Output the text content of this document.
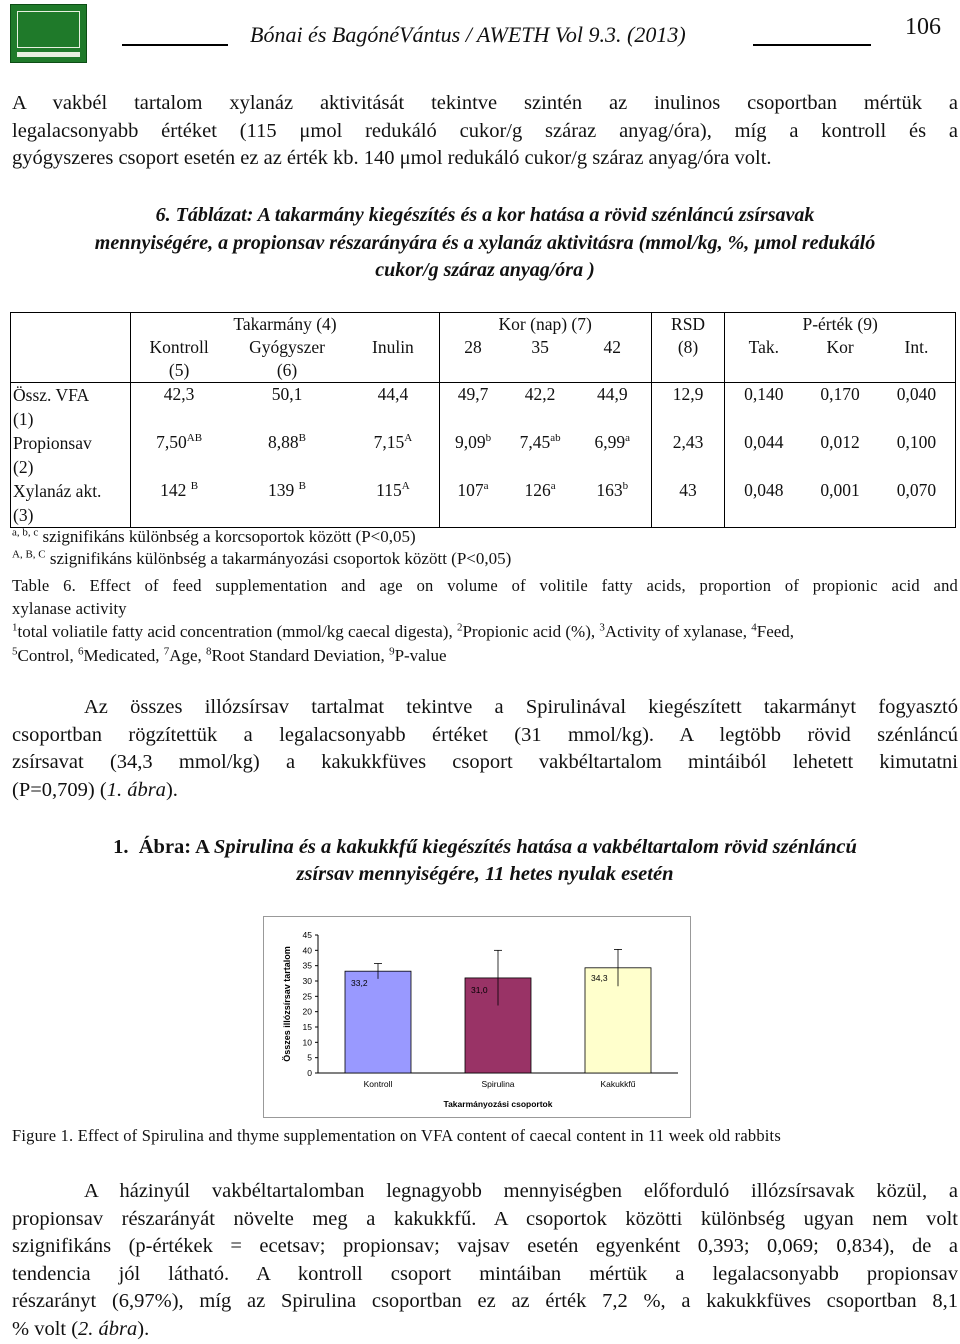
Bónai és BagónéVántus / AWETH Vol 9.3. (2013)	106
A vakbél tartalom xylanáz aktivitását tekintve szintén az inulinos csoportban mértük a
legalacsonyabb értéket (115 μmol redukáló cukor/g száraz anyag/óra), míg a kontroll és a
gyógyszeres csoport esetén ez az érték kb. 140 μmol redukáló cukor/g száraz anyag/óra volt.
6. Táblázat: A takarmány kiegészítés és a kor hatása a rövid szénláncú zsírsavak
mennyiségére, a propionsav részarányára és a xylanáz aktivitásra (mmol/kg, %, µmol redukáló
cukor/g száraz anyag/óra )
	Takarmány (4)			Kor (nap) (7)			RSD	P-érték (9)		
	Kontroll
(5)	Gyógyszer
(6)	Inulin	28	35	42	(8)	Tak.	Kor	Int.
Össz. VFA
(1)	42,3	50,1	44,4	49,7	42,2	44,9	12,9	0,140	0,170	0,040
Propionsav
(2)	$7,50^{AB}$	$8,88^B$	$7,15^A$	9,09$^b$	7,45$^{ab}$	6,99$^a$	2,43	0,044	0,012	0,100
Xylanáz akt.
(3)	142 $^B$	139 $^B$	$115^A$	107$^a$	126$^a$	163$^b$	43	0,048	0,001	0,070
$^{a, b, c}$ szignifikáns különbség a korcsoportok között (P<0,05)
$^{A, B, C}$ szignifikáns különbség a takarmányozási csoportok között (P<0,05)
Table 6. Effect of feed supplementation and age on volume of volitile fatty acids, proportion of propionic acid and
xylanase activity
$^1$total voliatile fatty acid concentration (mmol/kg caecal digesta), $^2$Propionic acid (%), $^3$Activity of xylanase, $^4$Feed,
$^5$Control, $^6$Medicated, $^7$Age, $^8$Root Standard Deviation, $^9$P-value
Az összes illózsírsav tartalmat tekintve a Spirulinával kiegészített takarmányt fogyasztó
csoportban rögzítettük a legalacsonyabb értéket (31 mmol/kg). A legtöbb rövid szénláncú
zsírsavat (34,3 mmol/kg) a kakukkfüves csoport vakbéltartalom mintáiból lehetett kimutatni
(P=0,709) (1. ábra).
1. Ábra: A Spirulina és a kakukkfű kiegészítés hatása a vakbéltartalom rövid szénláncú
zsírsav mennyiségére, 11 hetes nyulak esetén
Összes illózsírsav tartalom
0
5
10
15
20
25
30
35
40
45
33,2
Kontroll
31,0
Spirulina
34,3
Kakukkfű
Takarmányozási csoportok
Figure 1. Effect of Spirulina and thyme supplementation on VFA content of caecal content in 11 week old rabbits
A házinyúl vakbéltartalomban legnagyobb mennyiségben előforduló illózsírsavak közül, a
propionsav részarányát növelte meg a kakukkfű. A csoportok közötti különbség ugyan nem volt
szignifikáns (p-értékek = ecetsav; propionsav; vajsav esetén egyenként 0,393; 0,069; 0,834), de a
tendencia jól látható. A kontroll csoport mintáiban mértük a legalacsonyabb propionsav
részarányt (6,97%), míg az Spirulina csoportban ez az érték 7,2 %, a kakukkfüves csoportban 8,1
% volt (2. ábra).
